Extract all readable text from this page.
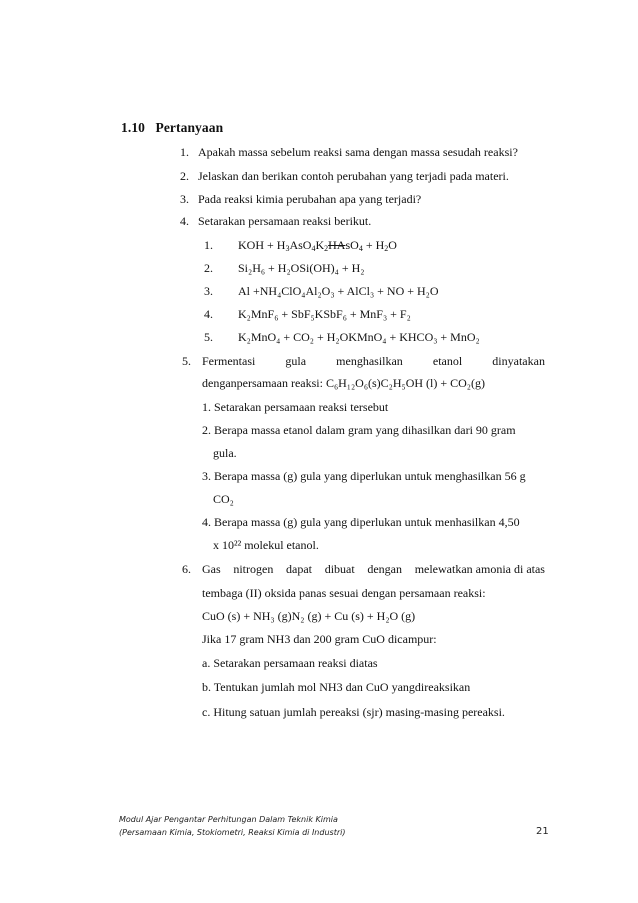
1.10 Pertanyaan
1. Apakah massa sebelum reaksi sama dengan massa sesudah reaksi?
2. Jelaskan dan berikan contoh perubahan yang terjadi pada materi.
3. Pada reaksi kimia perubahan apa yang terjadi?
4.   Setarakan persamaan reaksi berikut.
1. KOH + $H_3AsO_4K_2HAsO_4 + H_2O$
2. Si₂H₆ + H₂OSi(OH)₄ + H₂
3. Al +NH₄ClO₄Al₂O₃ + AlCl₃ + NO + H₂O
4. K₂MnF₆ + SbF₅KSbF₆ + MnF₃ + F₂
5. K₂MnO₄ + CO₂ + H₂OKMnO₄ + KHCO₃ + MnO₂
5. Fermentasi	gula	menghasilkan	etanol	dinyatakan
denganpersamaan reaksi: C₆H₁₂O₆(s)C₂H₅OH (l) + CO₂(g)
1. Setarakan persamaan reaksi tersebut
2. Berapa massa etanol dalam gram yang dihasilkan dari 90 gram
gula.
3. Berapa massa (g) gula yang diperlukan untuk menghasilkan 56 g
CO₂
4. Berapa massa (g) gula yang diperlukan untuk menhasilkan 4,50
x 10²² molekul etanol.
6. Gas nitrogen dapat dibuat dengan melewatkan amonia di atas
tembaga (II) oksida panas sesuai dengan persamaan reaksi:
CuO (s) + NH₃ (g)N₂ (g) + Cu (s) + H₂O (g)
Jika 17 gram NH3 dan 200 gram CuO dicampur:
a. Setarakan persamaan reaksi diatas
b. Tentukan jumlah mol NH3 dan CuO yangdireaksikan
c. Hitung satuan jumlah pereaksi (sjr) masing-masing pereaksi.
Modul Ajar Pengantar Perhitungan Dalam Teknik Kimia
(Persamaan Kimia, Stokiometri, Reaksi Kimia di Industri)	21
